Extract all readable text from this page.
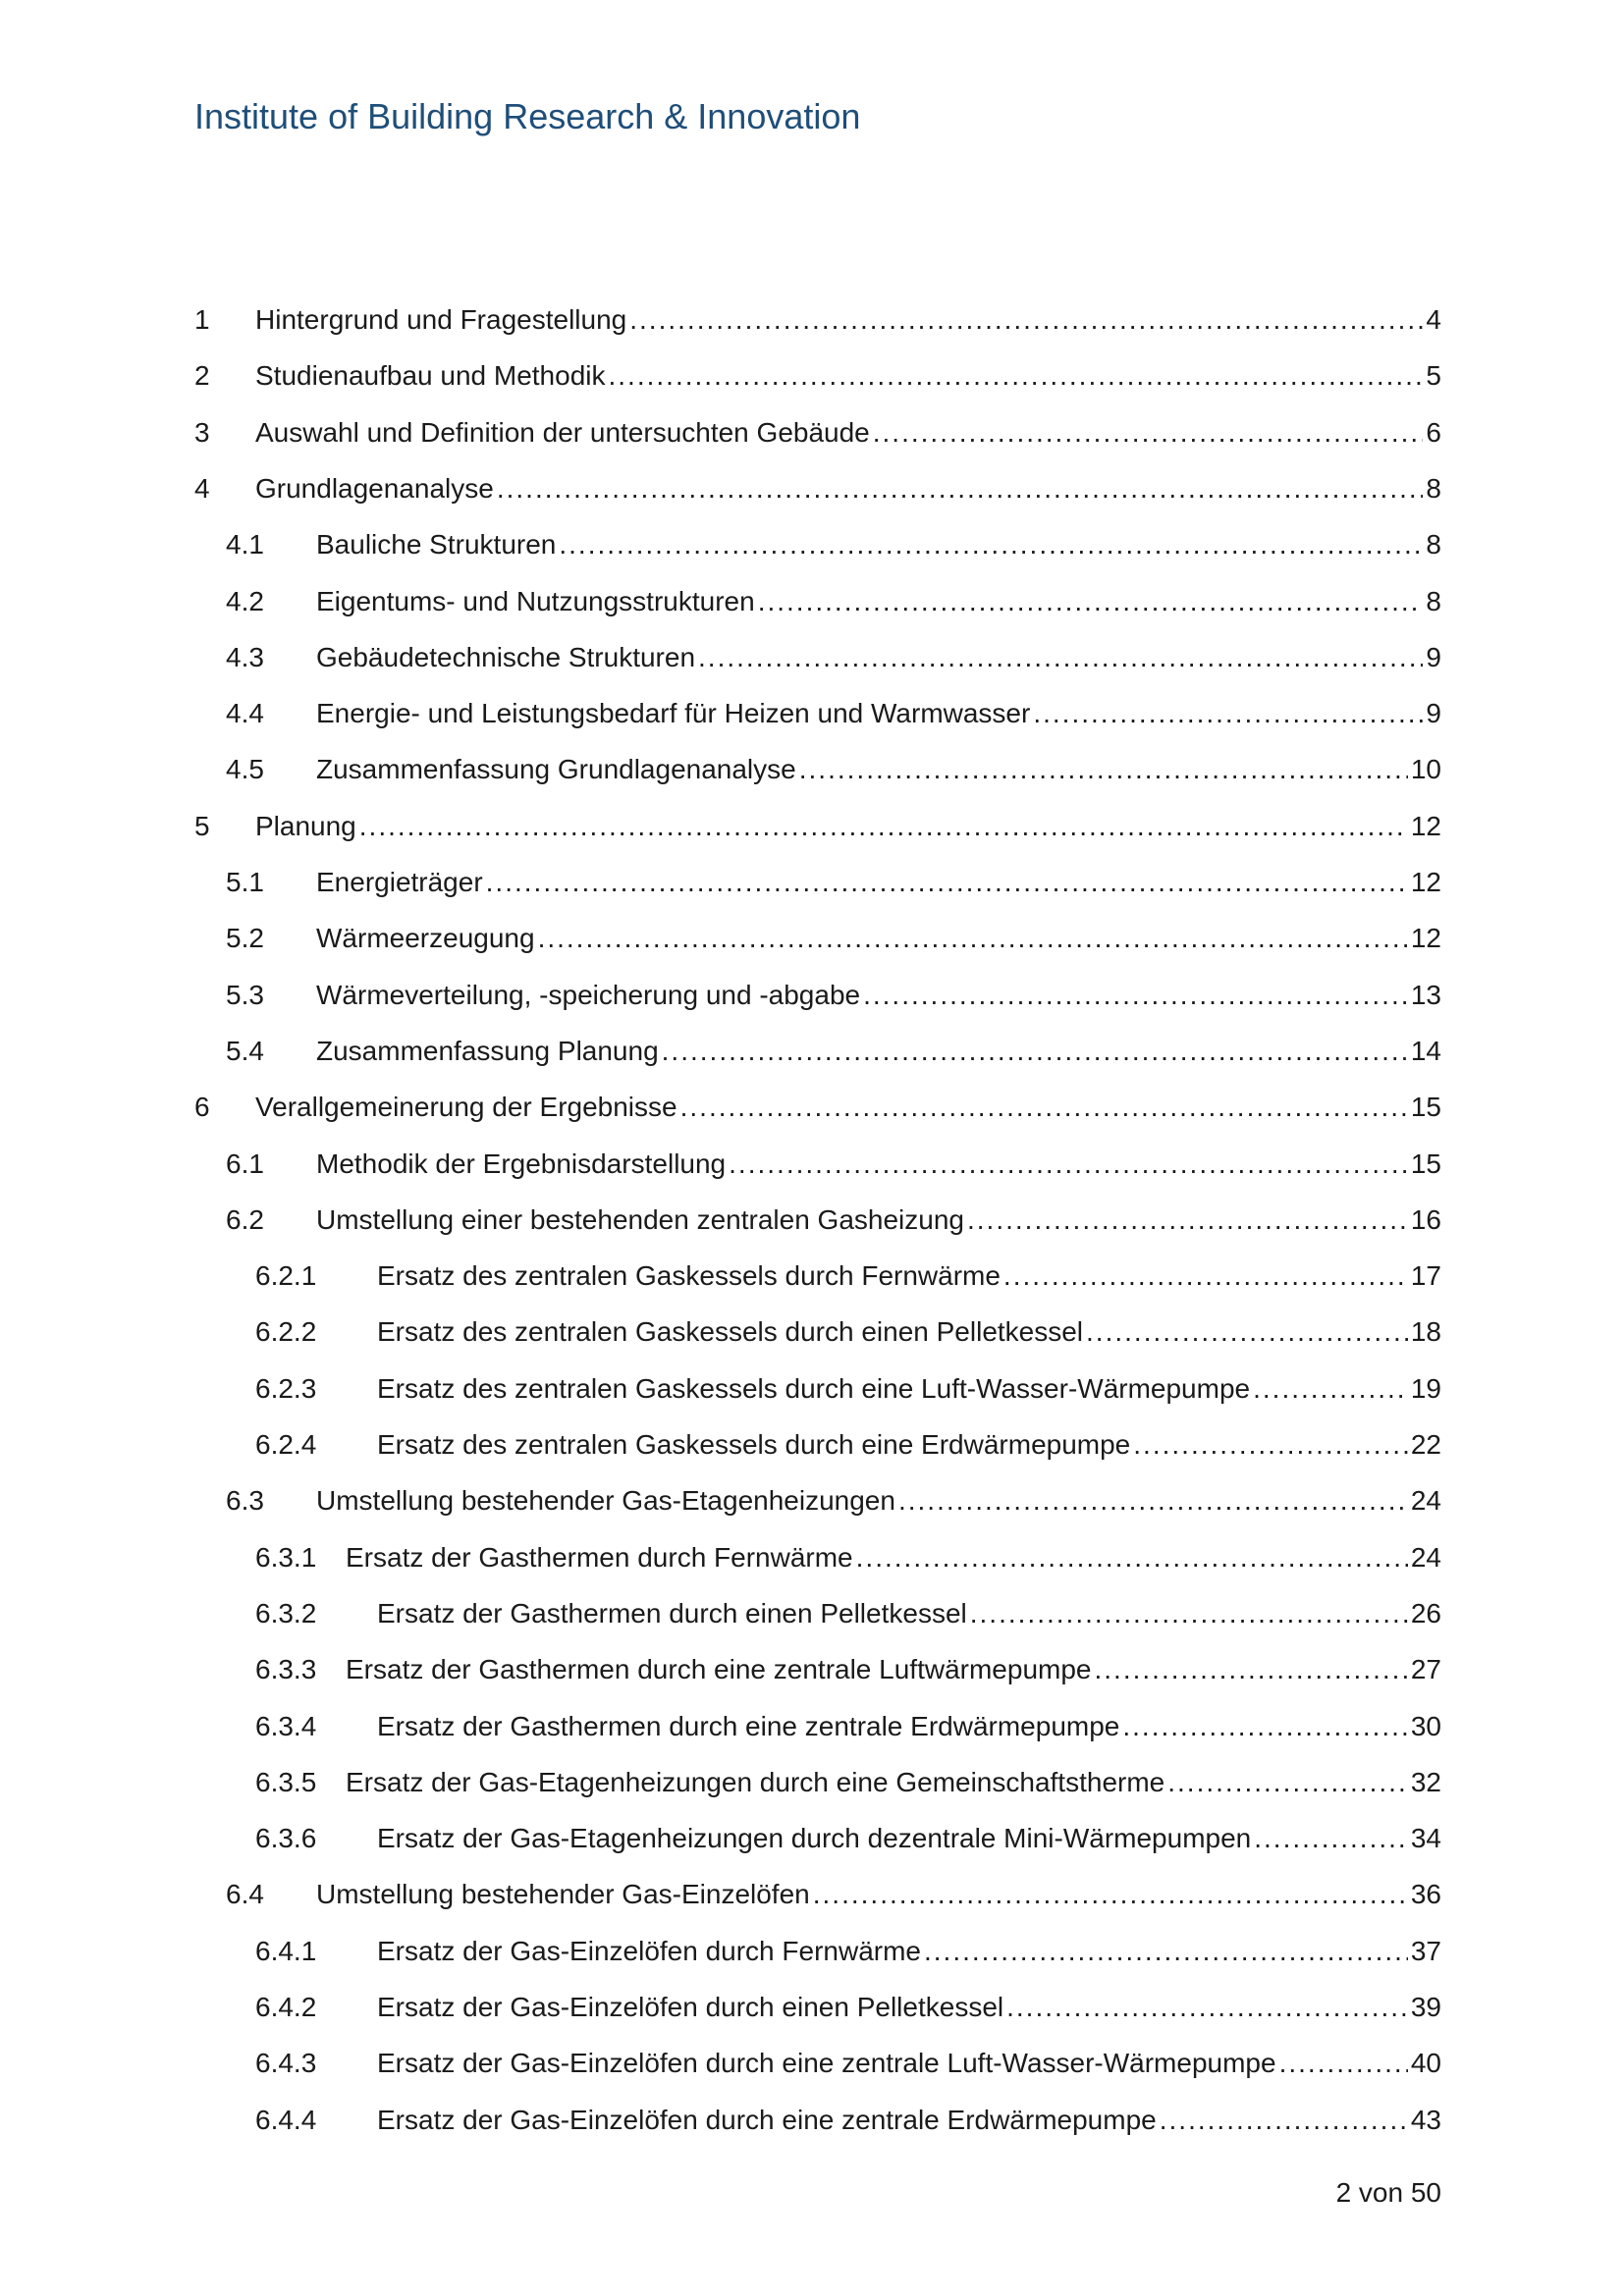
Institute of Building Research & Innovation
1 Hintergrund und Fragestellung .....	4
2 Studienaufbau und Methodik .....	5
3 Auswahl und Definition der untersuchten Gebäude .....	6
4 Grundlagenanalyse .....	8
4.1 Bauliche Strukturen .....	8
4.2 Eigentums- und Nutzungsstrukturen .....	8
4.3 Gebäudetechnische Strukturen .....	9
4.4 Energie- und Leistungsbedarf für Heizen und Warmwasser .....	9
4.5 Zusammenfassung Grundlagenanalyse .....	10
5 Planung .....	12
5.1 Energieträger .....	12
5.2 Wärmeerzeugung .....	12
5.3 Wärmeverteilung, -speicherung und -abgabe .....	13
5.4 Zusammenfassung Planung .....	14
6 Verallgemeinerung der Ergebnisse .....	15
6.1 Methodik der Ergebnisdarstellung .....	15
6.2 Umstellung einer bestehenden zentralen Gasheizung .....	16
6.2.1 Ersatz des zentralen Gaskessels durch Fernwärme .....	17
6.2.2 Ersatz des zentralen Gaskessels durch einen Pelletkessel .....	18
6.2.3 Ersatz des zentralen Gaskessels durch eine Luft-Wasser-Wärmepumpe .....	19
6.2.4 Ersatz des zentralen Gaskessels durch eine Erdwärmepumpe .....	22
6.3 Umstellung bestehender Gas-Etagenheizungen .....	24
6.3.1 Ersatz der Gasthermen durch Fernwärme .....	24
6.3.2 Ersatz der Gasthermen durch einen Pelletkessel .....	26
6.3.3 Ersatz der Gasthermen durch eine zentrale Luftwärmepumpe .....	27
6.3.4 Ersatz der Gasthermen durch eine zentrale Erdwärmepumpe .....	30
6.3.5 Ersatz der Gas-Etagenheizungen durch eine Gemeinschaftstherme .....	32
6.3.6 Ersatz der Gas-Etagenheizungen durch dezentrale Mini-Wärmepumpen .....	34
6.4 Umstellung bestehender Gas-Einzelöfen .....	36
6.4.1 Ersatz der Gas-Einzelöfen durch Fernwärme .....	37
6.4.2 Ersatz der Gas-Einzelöfen durch einen Pelletkessel .....	39
6.4.3 Ersatz der Gas-Einzelöfen durch eine zentrale Luft-Wasser-Wärmepumpe .....	40
6.4.4 Ersatz der Gas-Einzelöfen durch eine zentrale Erdwärmepumpe .....	43
2 von 50
